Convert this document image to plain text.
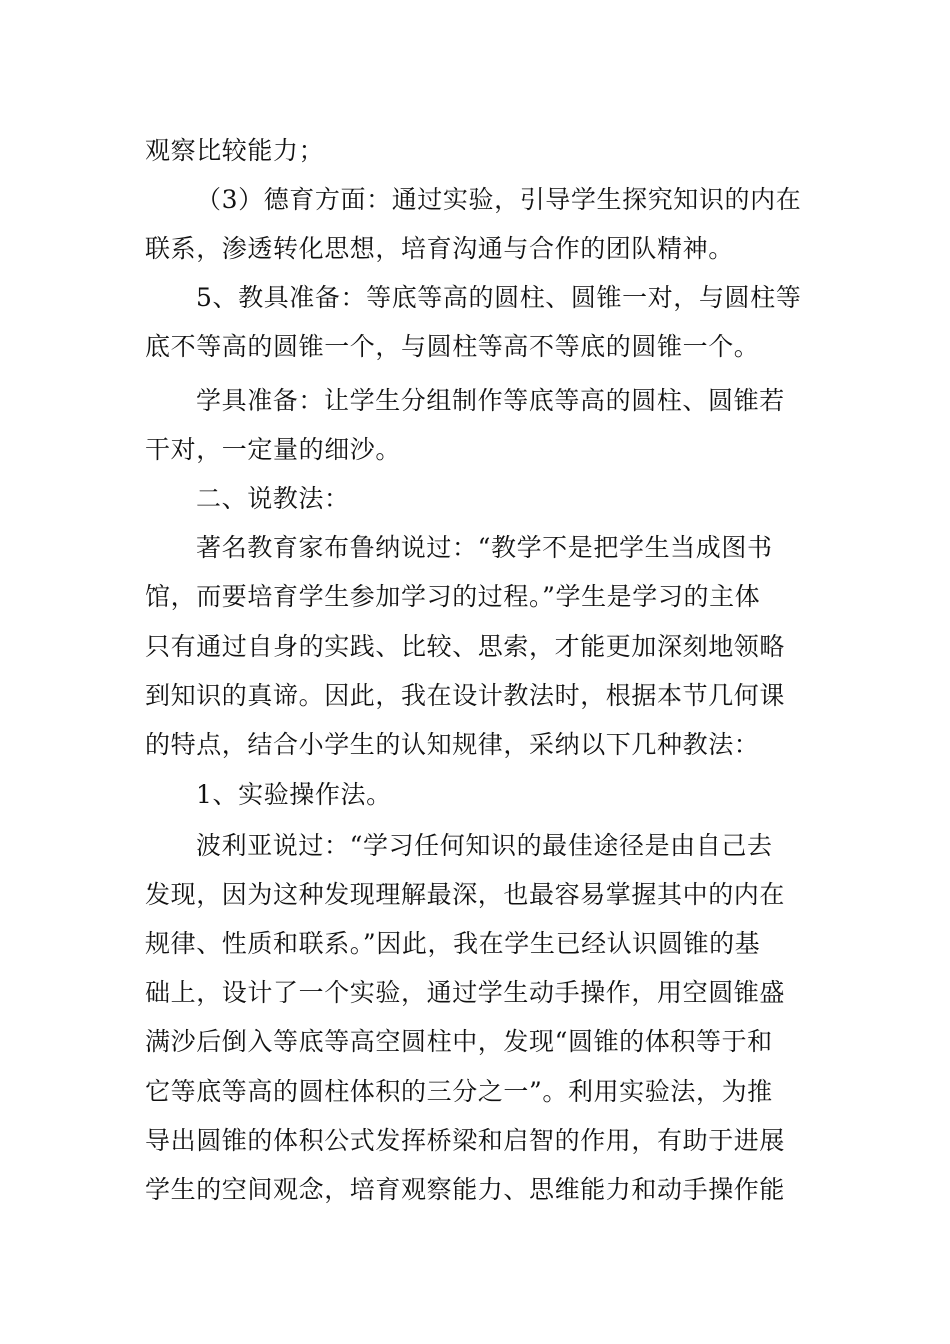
观察比较能力；
（3）德育方面：通过实验，引导学生探究知识的内在
联系，渗透转化思想，培育沟通与合作的团队精神。
5、教具准备：等底等高的圆柱、圆锥一对，与圆柱等
底不等高的圆锥一个，与圆柱等高不等底的圆锥一个。
学具准备：让学生分组制作等底等高的圆柱、圆锥若
干对，一定量的细沙。
二、说教法：
著名教育家布鲁纳说过：“教学不是把学生当成图书
馆，而要培育学生参加学习的过程。”学生是学习的主体
只有通过自身的实践、比较、思索，才能更加深刻地领略
到知识的真谛。因此，我在设计教法时，根据本节几何课
的特点，结合小学生的认知规律，采纳以下几种教法：
1、实验操作法。
波利亚说过：“学习任何知识的最佳途径是由自己去
发现，因为这种发现理解最深，也最容易掌握其中的内在
规律、性质和联系。”因此，我在学生已经认识圆锥的基
础上，设计了一个实验，通过学生动手操作，用空圆锥盛
满沙后倒入等底等高空圆柱中，发现“圆锥的体积等于和
它等底等高的圆柱体积的三分之一”。利用实验法，为推
导出圆锥的体积公式发挥桥梁和启智的作用，有助于进展
学生的空间观念，培育观察能力、思维能力和动手操作能
